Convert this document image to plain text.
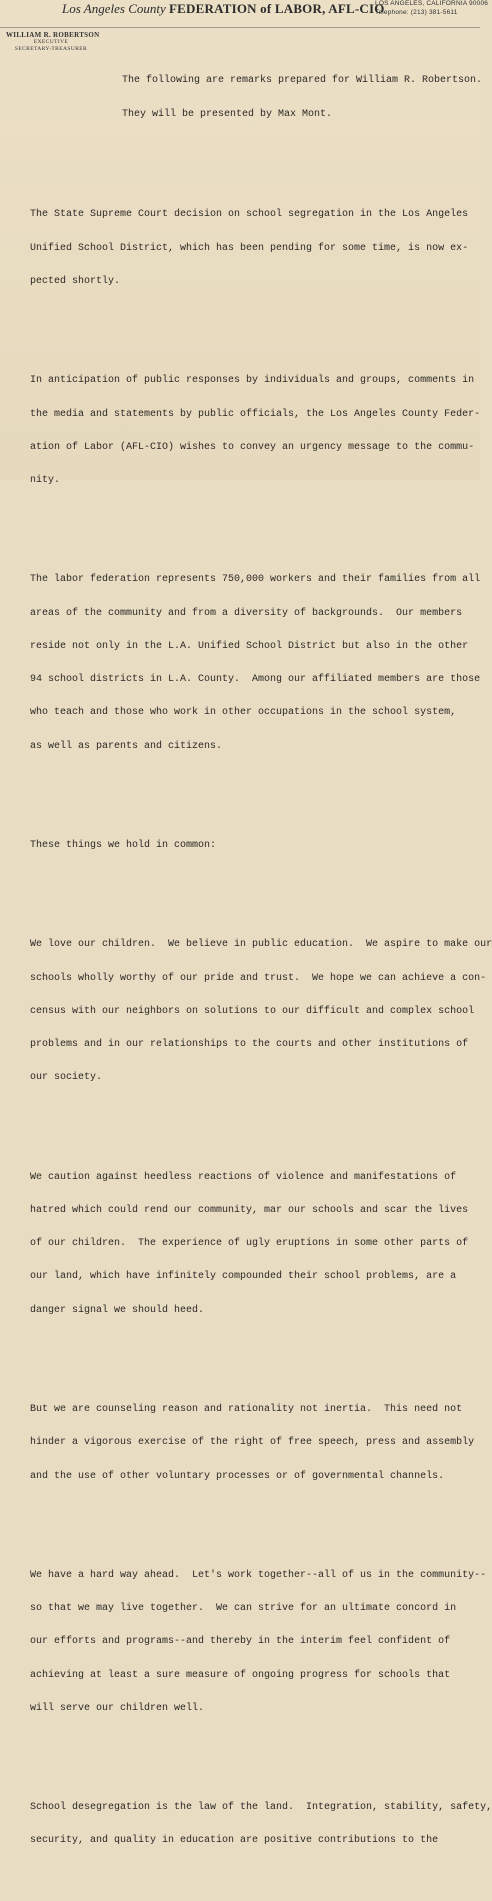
Los Angeles County FEDERATION of LABOR, AFL-CIO
LOS ANGELES, CALIFORNIA 90006
Telephone: (213) 381-5611
WILLIAM R. ROBERTSON
EXECUTIVE
SECRETARY-TREASURER

The following are remarks prepared for William R. Robertson.

They will be presented by Max Mont.

The State Supreme Court decision on school segregation in the Los Angeles

Unified School District, which has been pending for some time, is now ex-

pected shortly.

In anticipation of public responses by individuals and groups, comments in

the media and statements by public officials, the Los Angeles County Feder-

ation of Labor (AFL-CIO) wishes to convey an urgency message to the commu-

nity.

The labor federation represents 750,000 workers and their families from all

areas of the community and from a diversity of backgrounds.  Our members

reside not only in the L.A. Unified School District but also in the other

94 school districts in L.A. County.  Among our affiliated members are those

who teach and those who work in other occupations in the school system,

as well as parents and citizens.

These things we hold in common:

We love our children.  We believe in public education.  We aspire to make our

schools wholly worthy of our pride and trust.  We hope we can achieve a con-

census with our neighbors on solutions to our difficult and complex school

problems and in our relationships to the courts and other institutions of

our society.

We caution against heedless reactions of violence and manifestations of

hatred which could rend our community, mar our schools and scar the lives

of our children.  The experience of ugly eruptions in some other parts of

our land, which have infinitely compounded their school problems, are a

danger signal we should heed.

But we are counseling reason and rationality not inertia.  This need not

hinder a vigorous exercise of the right of free speech, press and assembly

and the use of other voluntary processes or of governmental channels.

We have a hard way ahead.  Let's work together--all of us in the community--

so that we may live together.  We can strive for an ultimate concord in

our efforts and programs--and thereby in the interim feel confident of

achieving at least a sure measure of ongoing progress for schools that

will serve our children well.

School desegregation is the law of the land.  Integration, stability, safety,

security, and quality in education are positive contributions to the
